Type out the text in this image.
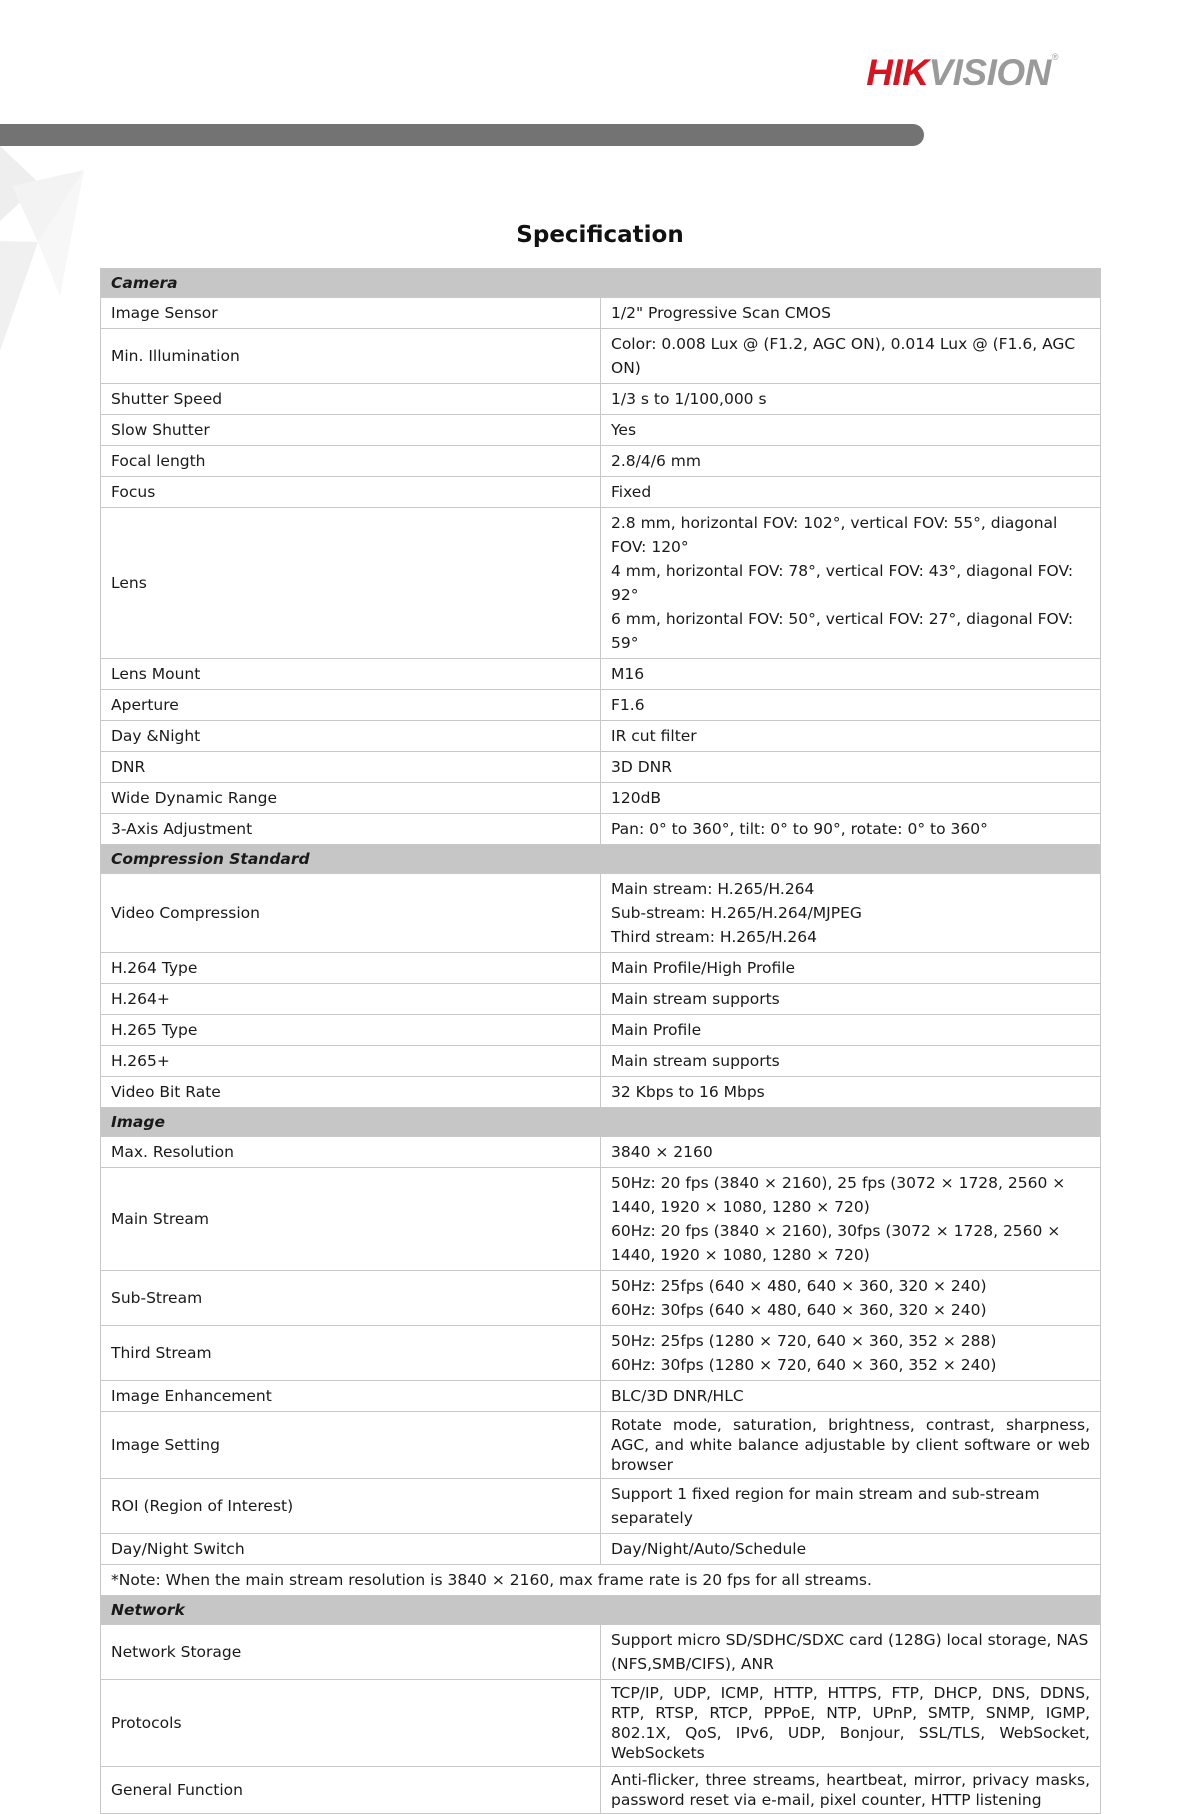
HIKVISION®
Specification
Camera	
Image Sensor	1/2" Progressive Scan CMOS

Min. Illumination	Color: 0.008 Lux @ (F1.2, AGC ON), 0.014 Lux @ (F1.6, AGC ON)

Shutter Speed	1/3 s to 1/100,000 s

Slow Shutter	Yes

Focal length	2.8/4/6 mm

Focus	Fixed

Lens	2.8 mm, horizontal FOV: 102°, vertical FOV: 55°, diagonal FOV: 120°
4 mm, horizontal FOV: 78°, vertical FOV: 43°, diagonal FOV: 92°
6 mm, horizontal FOV: 50°, vertical FOV: 27°, diagonal FOV: 59°

Lens Mount	M16

Aperture	F1.6

Day &Night	IR cut filter

DNR	3D DNR

Wide Dynamic Range	120dB

3-Axis Adjustment	Pan: 0° to 360°, tilt: 0° to 90°, rotate: 0° to 360°

Compression Standard	
Video Compression	Main stream: H.265/H.264
Sub-stream: H.265/H.264/MJPEG
Third stream: H.265/H.264

H.264 Type	Main Profile/High Profile

H.264+	Main stream supports

H.265 Type	Main Profile

H.265+	Main stream supports

Video Bit Rate	32 Kbps to 16 Mbps

Image	
Max. Resolution	3840 × 2160

Main Stream	50Hz: 20 fps (3840 × 2160), 25 fps (3072 × 1728, 2560 × 1440, 1920 × 1080, 1280 × 720)
60Hz: 20 fps (3840 × 2160), 30fps (3072 × 1728, 2560 × 1440, 1920 × 1080, 1280 × 720)

Sub-Stream	50Hz: 25fps (640 × 480, 640 × 360, 320 × 240)
60Hz: 30fps (640 × 480, 640 × 360, 320 × 240)

Third Stream	50Hz: 25fps (1280 × 720, 640 × 360, 352 × 288)
60Hz: 30fps (1280 × 720, 640 × 360, 352 × 240)

Image Enhancement	BLC/3D DNR/HLC

Image Setting	Rotate mode, saturation, brightness, contrast, sharpness, AGC, and white balance adjustable by client software or web browser

ROI (Region of Interest)	Support 1 fixed region for main stream and sub-stream separately

Day/Night Switch	Day/Night/Auto/Schedule

*Note: When the main stream resolution is 3840 × 2160, max frame rate is 20 fps for all streams.	
Network	
Network Storage	Support micro SD/SDHC/SDXC card (128G) local storage, NAS (NFS,SMB/CIFS), ANR

Protocols	TCP/IP, UDP, ICMP, HTTP, HTTPS, FTP, DHCP, DNS, DDNS, RTP, RTSP, RTCP, PPPoE, NTP, UPnP, SMTP, SNMP, IGMP, 802.1X, QoS, IPv6, UDP, Bonjour, SSL/TLS, WebSocket, WebSockets

General Function	Anti-flicker, three streams, heartbeat, mirror, privacy masks, password reset via e-mail, pixel counter, HTTP listening
